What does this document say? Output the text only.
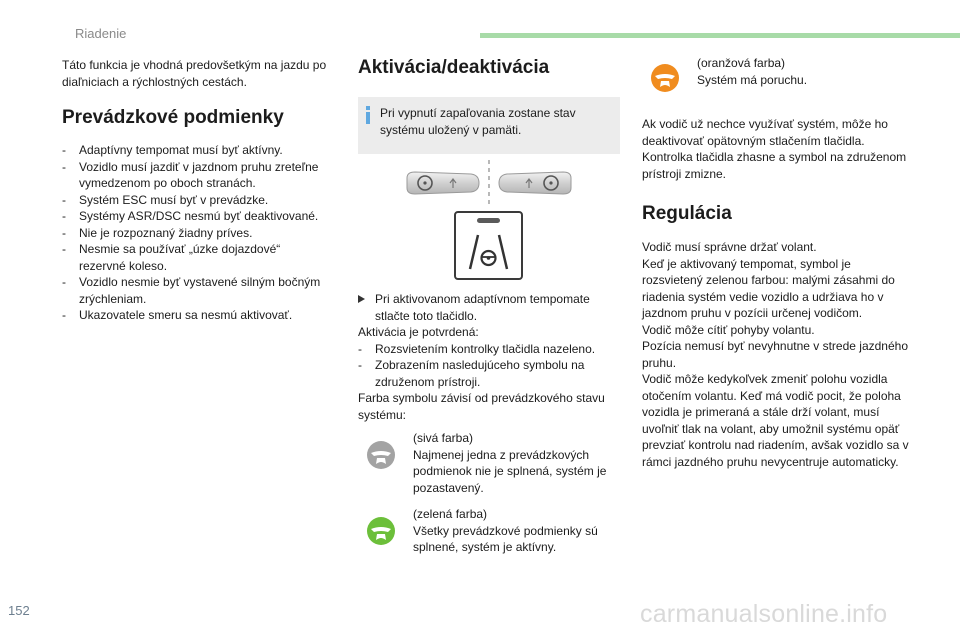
Riadenie
Táto funkcia je vhodná predovšetkým na jazdu po diaľniciach a rýchlostných cestách.
Prevádzkové podmienky
- Adaptívny tempomat musí byť aktívny.
- Vozidlo musí jazdiť v jazdnom pruhu zreteľne vymedzenom po oboch stranách.
- Systém ESC musí byť v prevádzke.
- Systémy ASR/DSC nesmú byť deaktivované.
- Nie je rozpoznaný žiadny príves.
- Nesmie sa používať „úzke dojazdové“ rezervné koleso.
- Vozidlo nesmie byť vystavené silným bočným zrýchleniam.
- Ukazovatele smeru sa nesmú aktivovať.
Aktivácia/deaktivácia
Pri vypnutí zapaľovania zostane stav systému uložený v pamäti.
Pri aktivovanom adaptívnom tempomate stlačte toto tlačidlo.
Aktivácia je potvrdená:
- Rozsvietením kontrolky tlačidla nazeleno.
- Zobrazením nasledujúceho symbolu na združenom prístroji.
Farba symbolu závisí od prevádzkového stavu systému:
(sivá farba)
Najmenej jedna z prevádzkových podmienok nie je splnená, systém je pozastavený.
(zelená farba)
Všetky prevádzkové podmienky sú splnené, systém je aktívny.
(oranžová farba)
Systém má poruchu.
Ak vodič už nechce využívať systém, môže ho deaktivovať opätovným stlačením tlačidla. Kontrolka tlačidla zhasne a symbol na združenom prístroji zmizne.
Regulácia
Vodič musí správne držať volant.
Keď je aktivovaný tempomat, symbol je rozsvietený zelenou farbou: malými zásahmi do riadenia systém vedie vozidlo a udržiava ho v jazdnom pruhu v pozícii určenej vodičom.
Vodič môže cítiť pohyby volantu.
Pozícia nemusí byť nevyhnutne v strede jazdného pruhu.
Vodič môže kedykoľvek zmeniť polohu vozidla otočením volantu. Keď má vodič pocit, že poloha vozidla je primeraná a stále drží volant, musí uvoľniť tlak na volant, aby umožnil systému opäť prevziať kontrolu nad riadením, avšak vozidlo sa v rámci jazdného pruhu nevycentruje automaticky.
152	carmanualsonline.info
